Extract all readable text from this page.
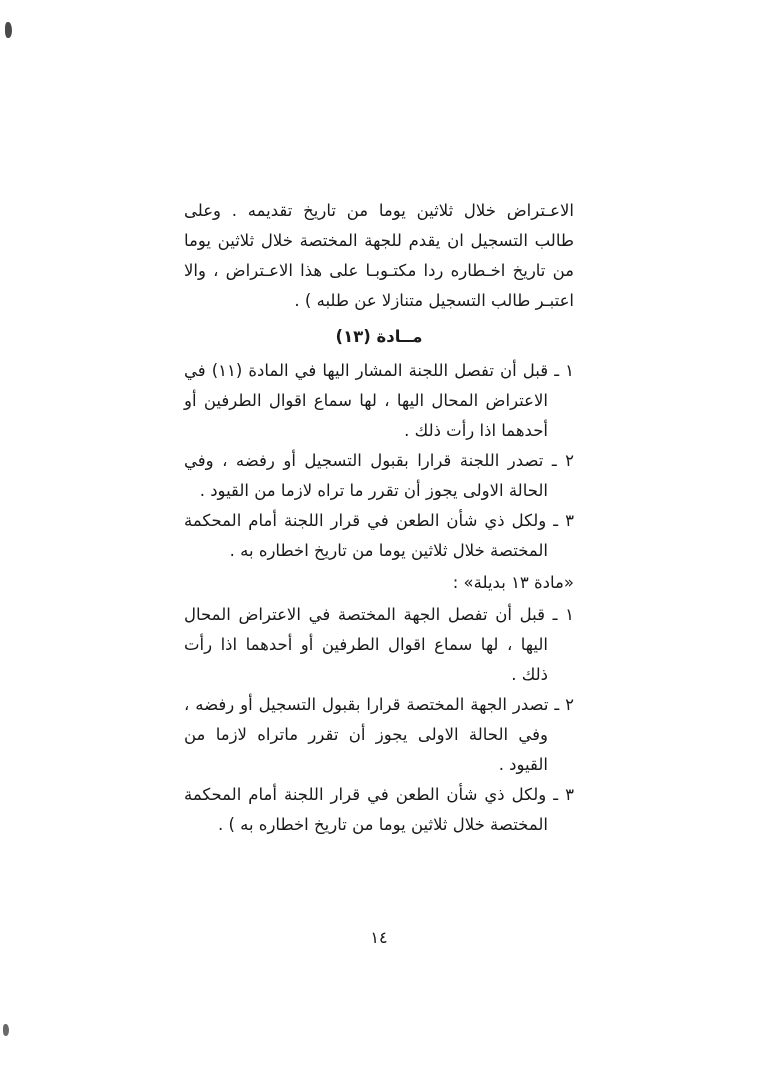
الاعـتراض خلال ثلاثين يوما من تاريخ تقديمه . وعلى طالب التسجيل ان يقدم للجهة المختصة خلال ثلاثين يوما من تاريخ اخـطاره ردا مكتـوبـا على هذا الاعـتراض ، والا اعتبـر طالب التسجيل متنازلا عن طلبه ) .

مــادة (١٣)
١ ـ قبل أن تفصل اللجنة المشار اليها في المادة (١١) في الاعتراض المحال اليها ، لها سماع اقوال الطرفين أو أحدهما اذا رأت ذلك .
٢ ـ تصدر اللجنة قرارا بقبول التسجيل أو رفضه ، وفي الحالة الاولى يجوز أن تقرر ما تراه لازما من القيود .
٣ ـ ولكل ذي شأن الطعن في قرار اللجنة أمام المحكمة المختصة خلال ثلاثين يوما من تاريخ اخطاره به .
«مادة ١٣ بديلة» :
١ ـ قبل أن تفصل الجهة المختصة في الاعتراض المحال اليها ، لها سماع اقوال الطرفين أو أحدهما اذا رأت ذلك .
٢ ـ تصدر الجهة المختصة قرارا بقبول التسجيل أو رفضه ، وفي الحالة الاولى يجوز أن تقرر ماتراه لازما من القيود .
٣ ـ ولكل ذي شأن الطعن في قرار اللجنة أمام المحكمة المختصة خلال ثلاثين يوما من تاريخ اخطاره به ) .
١٤
